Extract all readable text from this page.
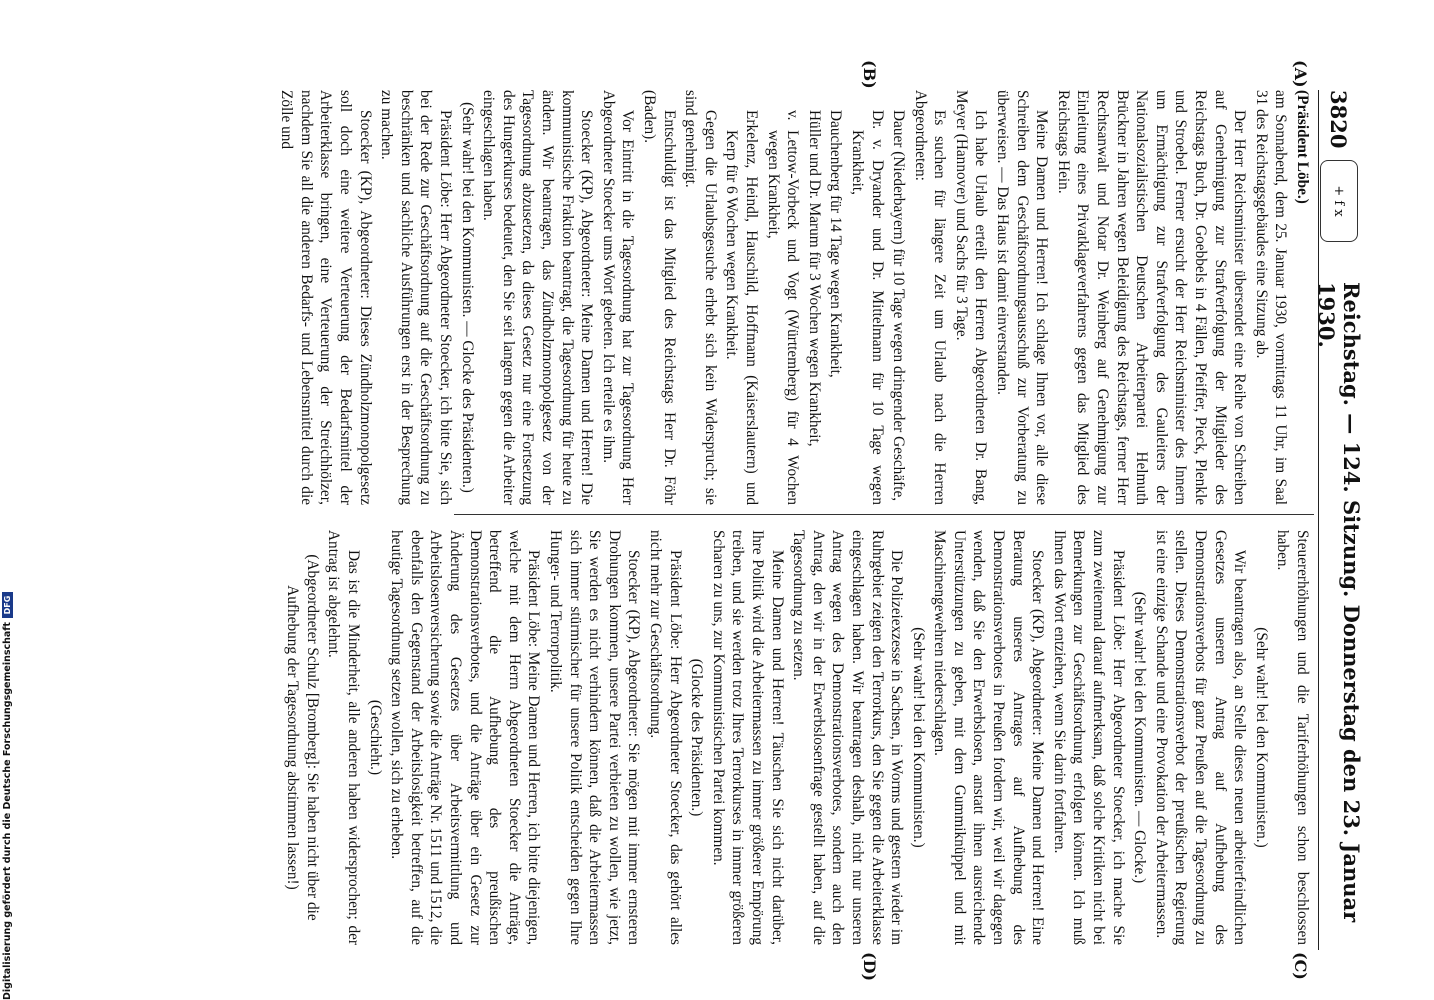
3820
+ f x
Reichstag. — 124. Sitzung. Donnerstag den 23. Januar 1930.
(A)
(B)
(C)
(D)

(Präsident Löbe.)

am Sonnabend, dem 25. Januar 1930, vormittags 11 Uhr, im Saal 31 des Reichstagsgebäudes eine Sitzung ab.

Der Herr Reichsminister übersendet eine Reihe von Schreiben auf Genehmigung zur Strafverfolgung der Mitglieder des Reichstags Buch, Dr. Goebbels in 4 Fällen, Pfeiffer, Pieck, Plenkle und Stroebel. Ferner ersucht der Herr Reichsminister des Innern um Ermächtigung zur Strafverfolgung des Gauleiters der Nationalsozialistischen Deutschen Arbeiterpartei Helmuth Brückner in Jahren wegen Beleidigung des Reichstags, ferner Herr Rechtsanwalt und Notar Dr. Weinberg auf Genehmigung zur Einleitung eines Privatklageverfahrens gegen das Mitglied des Reichstags Hein.

Meine Damen und Herren! Ich schlage Ihnen vor, alle diese Schreiben dem Geschäftsordnungsausschuß zur Vorberatung zu überweisen. — Das Haus ist damit einverstanden.

Ich habe Urlaub erteilt den Herren Abgeordneten Dr. Bang, Meyer (Hannover) und Sachs für 3 Tage.

Es suchen für längere Zeit um Urlaub nach die Herren Abgeordneten:

Dauer (Niederbayern) für 10 Tage wegen dringender Geschäfte,

Dr. v. Dryander und Dr. Mittelmann für 10 Tage wegen Krankheit,

Dauchenberg für 14 Tage wegen Krankheit,

Hüller und Dr. Marum für 3 Wochen wegen Krankheit,

v. Lettow-Vorbeck und Vogt (Württemberg) für 4 Wochen wegen Krankheit,

Erkelenz, Heindl, Hauschild, Hoffmann (Kaiserslautern) und Kerp für 6 Wochen wegen Krankheit.

Gegen die Urlaubsgesuche erhebt sich kein Widerspruch; sie sind genehmigt.

Entschuldigt ist das Mitglied des Reichstags Herr Dr. Föhr (Baden).

Vor Eintritt in die Tagesordnung hat zur Tagesordnung Herr Abgeordneter Stoecker ums Wort gebeten. Ich erteile es ihm.

Stoecker (KP), Abgeordneter: Meine Damen und Herren! Die kommunistische Fraktion beantragt, die Tagesordnung für heute zu ändern. Wir beantragen, das Zündholzmonopolgesetz von der Tagesordnung abzusetzen, da dieses Gesetz nur eine Fortsetzung des Hungerkurses bedeutet, den Sie seit langem gegen die Arbeiter eingeschlagen haben.

(Sehr wahr! bei den Kommunisten. — Glocke des Präsidenten.)

Präsident Löbe: Herr Abgeordneter Stoecker, ich bitte Sie, sich bei der Rede zur Geschäftsordnung auf die Geschäftsordnung zu beschränken und sachliche Ausführungen erst in der Besprechung zu machen.

Stoecker (KP), Abgeordneter: Dieses Zündholzmonopolgesetz soll doch eine weitere Verteuerung der Bedarfsmittel der Arbeiterklasse bringen, eine Verteuerung der Streichhölzer, nachdem Sie all die anderen Bedarfs- und Lebensmittel durch die Zölle und

Steuererhöhungen und die Tariferhöhungen schon beschlossen haben.

(Sehr wahr! bei den Kommunisten.)

Wir beantragen also, an Stelle dieses neuen arbeiterfeindlichen Gesetzes unseren Antrag auf Aufhebung des Demonstrationsverbots für ganz Preußen auf die Tagesordnung zu stellen. Dieses Demonstrationsverbot der preußischen Regierung ist eine einzige Schande und eine Provokation der Arbeitermassen.

(Sehr wahr! bei den Kommunisten. — Glocke.)

Präsident Löbe: Herr Abgeordneter Stoecker, ich mache Sie zum zweitenmal darauf aufmerksam, daß solche Kritiken nicht bei Bemerkungen zur Geschäftsordnung erfolgen können. Ich muß Ihnen das Wort entziehen, wenn Sie darin fortfahren.

Stoecker (KP), Abgeordneter: Meine Damen und Herren! Eine Beratung unseres Antrages auf Aufhebung des Demonstrationsverbotes in Preußen fordern wir, weil wir dagegen wenden, daß Sie den Erwerbslosen, anstatt ihnen ausreichende Unterstützungen zu geben, mit dem Gummiknüppel und mit Maschinengewehren niederschlagen.

(Sehr wahr! bei den Kommunisten.)

Die Polizeiexzesse in Sachsen, in Worms und gestern wieder im Ruhrgebiet zeigen den Terrorkurs, den Sie gegen die Arbeiterklasse eingeschlagen haben. Wir beantragen deshalb, nicht nur unseren Antrag wegen des Demonstrationsverbotes, sondern auch den Antrag, den wir in der Erwerbslosenfrage gestellt haben, auf die Tagesordnung zu setzen.

Meine Damen und Herren! Täuschen Sie sich nicht darüber, Ihre Politik wird die Arbeitermassen zu immer größerer Empörung treiben, und sie werden trotz Ihres Terrorkurses in immer größeren Scharen zu uns, zur Kommunistischen Partei kommen.

(Glocke des Präsidenten.)

Präsident Löbe: Herr Abgeordneter Stoecker, das gehört alles nicht mehr zur Geschäftsordnung.

Stoecker (KP), Abgeordneter: Sie mögen mit immer ernsteren Drohungen kommen, unsere Partei verbieten zu wollen, wie jetzt, Sie werden es nicht verhindern können, daß die Arbeitermassen sich immer stürmischer für unsere Politik entscheiden gegen Ihre Hunger- und Terrorpolitik.

Präsident Löbe: Meine Damen und Herren, ich bitte diejenigen, welche mit dem Herrn Abgeordneten Stoecker die Anträge, betreffend die Aufhebung des preußischen Demonstrationsverbotes, und die Anträge über ein Gesetz zur Änderung des Gesetzes über Arbeitsvermittlung und Arbeitslosenversicherung sowie die Anträge Nr. 1511 und 1512, die ebenfalls den Gegenstand der Arbeitslosigkeit betreffen, auf die heutige Tagesordnung setzen wollen, sich zu erheben.

(Geschieht.)

Das ist die Minderheit, alle anderen haben widersprochen; der Antrag ist abgelehnt.

(Abgeordneter Schulz [Bromberg]: Sie haben nicht über die Aufhebung der Tagesordnung abstimmen lassen!)

Digitalisierung gefördert durch die Deutsche Forschungsgemeinschaft
DFG
